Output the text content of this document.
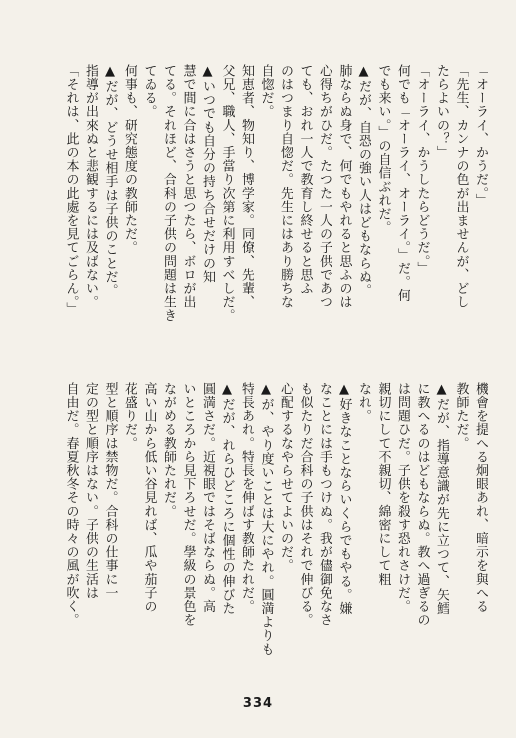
「オーライ、かうだ。」
「先生、カンナの色が出ませんが、どし
たらよいの？」
「オーライ、かうしたらどうだ。」
何でも「オーライ、オーライ。」だ。何
でも来い。」の自信ぶれだ。
▲だが、自恐の強い人はどもならぬ。
肺ならぬ身で、何でもやれると思ふのは
心得ちがひだ。たつた一人の子供であつ
ても、おれ一人で教育し終せると思ふ
のはつまり自惚だ。先生にはあり勝ちな
自惚だ。
知恵者、物知り、博学家。同僚、先輩、
父兄、職人、手當り次第に利用すべしだ。
▲いつでも自分の持ち合せだけの知
慧で間に合はさうと思つたら、ボロが出
てる。それほど、合科の子供の問題は生き
てゐる。
何事も、研究態度の教師ただ。
▲だが、どうせ相手は子供のことだ。
指導が出來ぬと悲観するには及ばない。
「それは、此の本の此處を見てごらん。」
機會を提へる炯眼あれ、暗示を與へる
教師ただ。
▲だが、指導意識が先に立つて、矢鱈
に教へるのはどもならぬ。教へ過ぎるの
は問題ひだ。子供を殺す恐れさけだ。
親切にして不親切、綿密にして粗
なれ。
▲好きなことならいくらでもやる。嫌
なことには手もつけぬ。我が儘御免なさ
も似たりだ合科の子供はそれで伸びる。
心配するなやらせてよいのだ。
▲が、やり度いことは大にやれ。圓満よりも
特長あれ。特長を伸ばす教師たれだ。
▲だが、れらひどころに個性の伸びた
圓満さだ。近視眼ではそばならぬ。高
いところから見下ろせだ。學級の景色を
ながめる教師たれだ。
高い山から低い谷見れば、瓜や茄子の
花盛りだ。
型と順序は禁物だ。合科の仕事に一
定の型と順序はない。子供の生活は
自由だ。春夏秋冬その時々の風が吹く。
334
